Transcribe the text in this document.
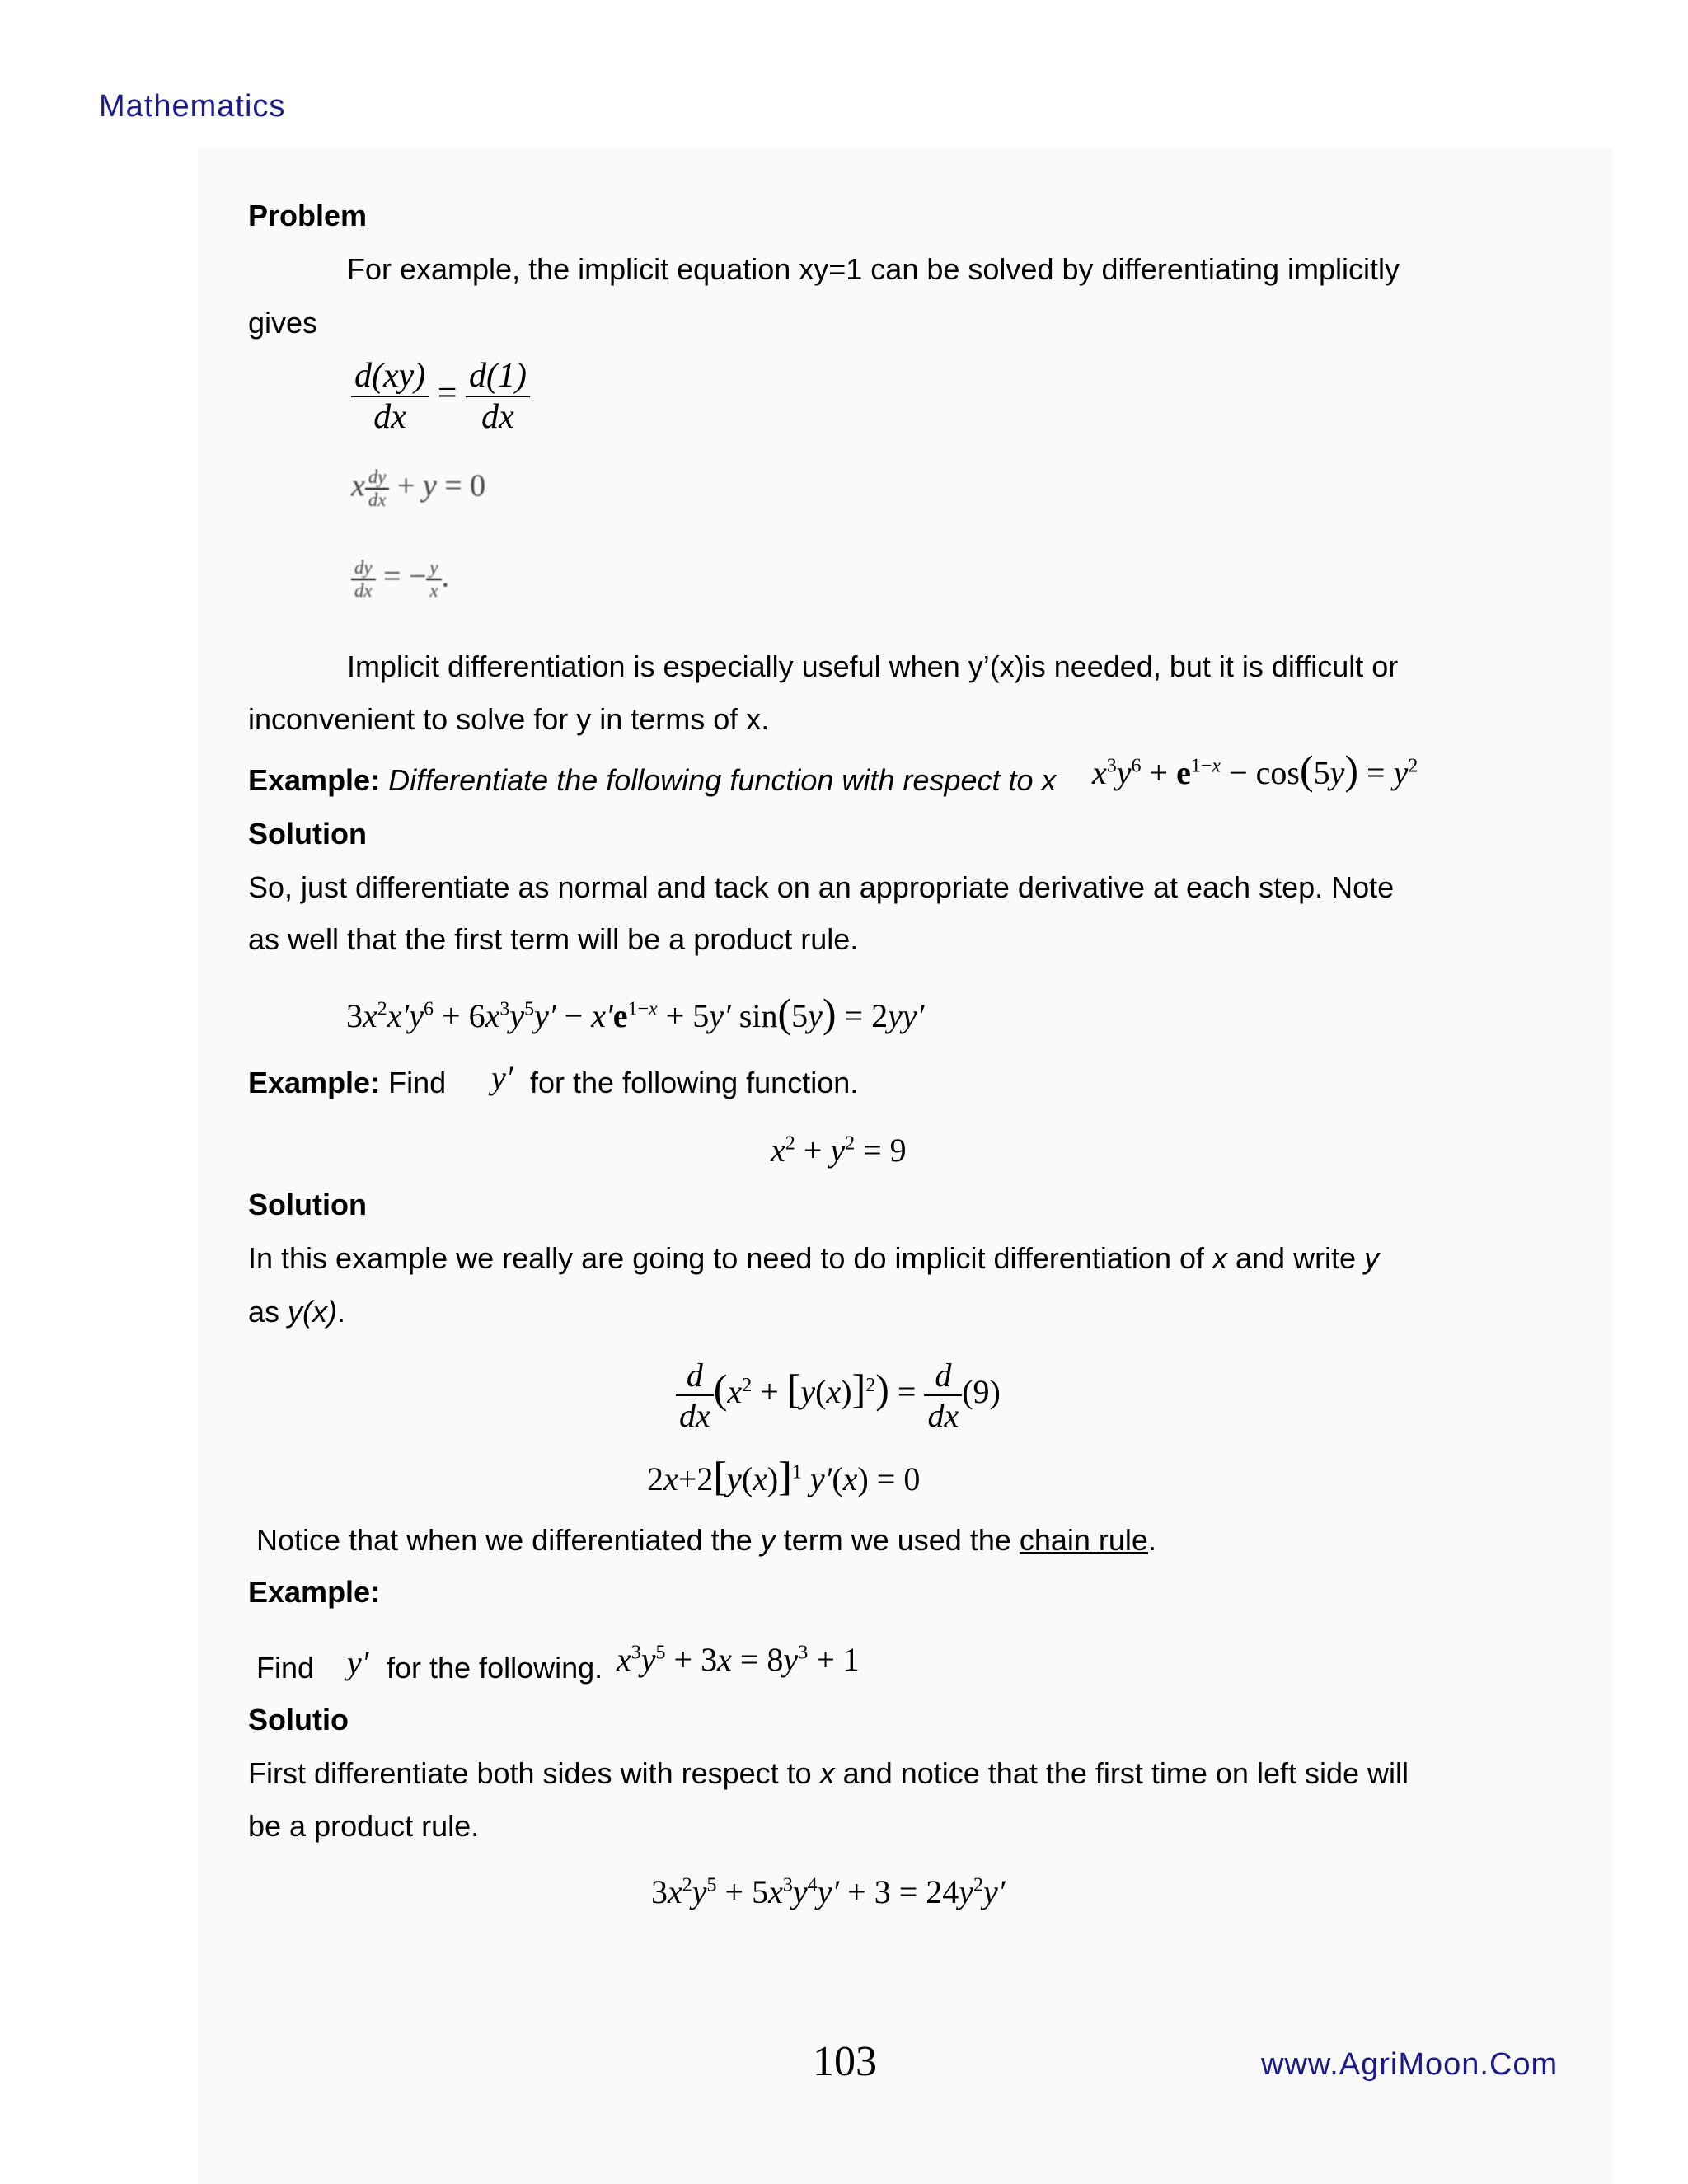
Mathematics
Problem
For example, the implicit equation xy=1 can be solved by differentiating implicitly
gives
$\frac{d(xy)}{dx} = \frac{d(1)}{dx}$
x $\frac{dy}{dx} + y = 0$
$\frac{dy}{dx}$ = − $\frac{y}{x}$ .
Implicit differentiation is especially useful when y’(x)is needed, but it is difficult or
inconvenient to solve for y in terms of x.
Example: Differentiate the following function with respect to x $x^3y^6 + e^{1-x} - \cos(5y) = y^2$
Solution
So, just differentiate as normal and tack on an appropriate derivative at each step. Note
as well that the first term will be a product rule.
$3x^2x'y^6 + 6x^3y^5y' - x'e^{1-x} + 5y'$ sin(5y) = 2yy′
Example: Find y′ for the following function.
$x^2 + y^2 = 9$
Solution
In this example we really are going to need to do implicit differentiation of x and write y
as y(x).
$\frac{d}{dx} (x^2 + [y(x)]^2) = \frac{d}{dx} (9)$
$2x+2[y(x)]^1$ y′(x) = 0
Notice that when we differentiated the y term we used the chain rule.
Example:
Find y′ for the following. $x^3y^5 + 3x = 8y^3 + 1$
Solutio
First differentiate both sides with respect to x and notice that the first time on left side will
be a product rule.
$3x^2y^5 + 5x^3y^4y' + 3 = 24y^2y'$
103	www.AgriMoon.Com
